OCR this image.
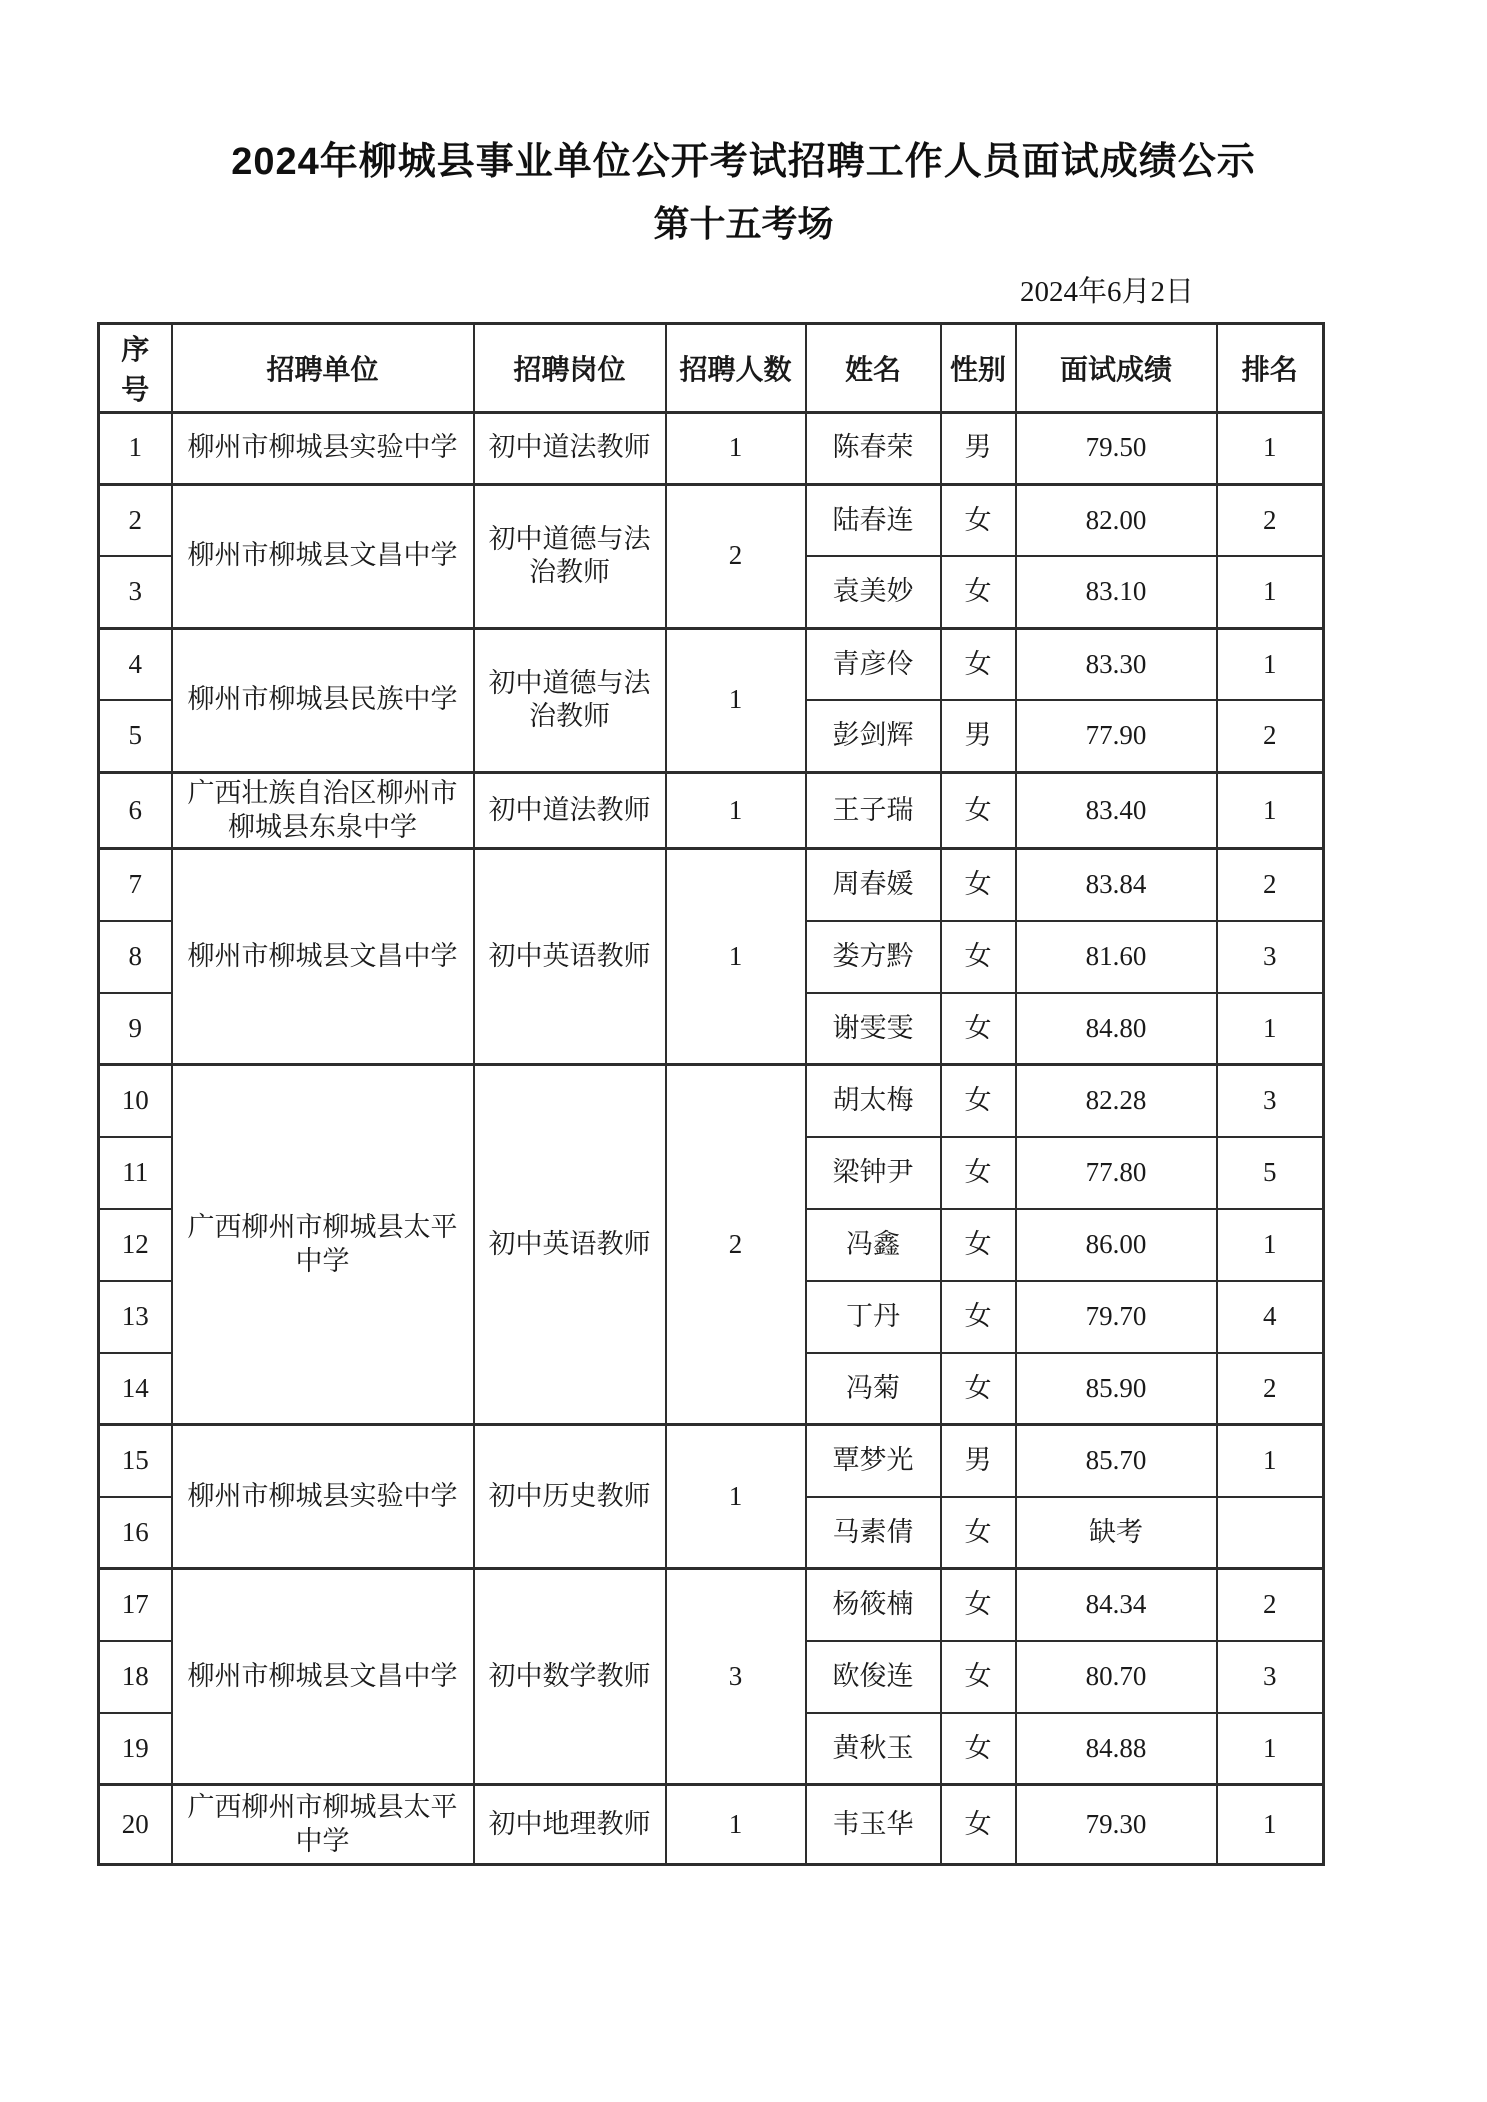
2024年柳城县事业单位公开考试招聘工作人员面试成绩公示
第十五考场
2024年6月2日
序号	招聘单位	招聘岗位	招聘人数	姓名	性别	面试成绩	排名
1	柳州市柳城县实验中学	初中道法教师	1	陈春荣	男	79.50	1
2	柳州市柳城县文昌中学	初中道德与法治教师	2	陆春连	女	82.00	2
3				袁美妙	女	83.10	1
4	柳州市柳城县民族中学	初中道德与法治教师	1	青彦伶	女	83.30	1
5				彭剑辉	男	77.90	2
6	广西壮族自治区柳州市柳城县东泉中学	初中道法教师	1	王子瑞	女	83.40	1
7	柳州市柳城县文昌中学	初中英语教师	1	周春媛	女	83.84	2
8				娄方黔	女	81.60	3
9				谢雯雯	女	84.80	1
10	广西柳州市柳城县太平中学	初中英语教师	2	胡太梅	女	82.28	3
11				梁钟尹	女	77.80	5
12				冯鑫	女	86.00	1
13				丁丹	女	79.70	4
14				冯菊	女	85.90	2
15	柳州市柳城县实验中学	初中历史教师	1	覃梦光	男	85.70	1
16				马素倩	女	缺考	
17	柳州市柳城县文昌中学	初中数学教师	3	杨筱楠	女	84.34	2
18				欧俊连	女	80.70	3
19				黄秋玉	女	84.88	1
20	广西柳州市柳城县太平中学	初中地理教师	1	韦玉华	女	79.30	1
